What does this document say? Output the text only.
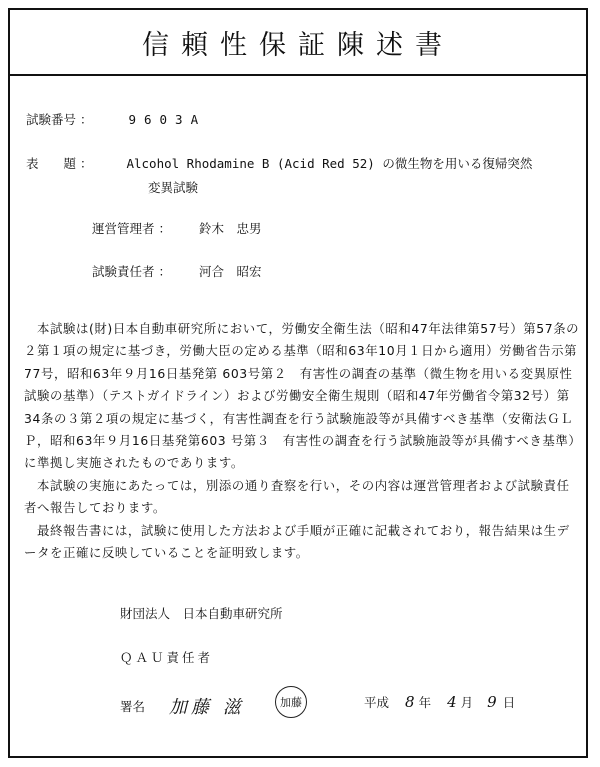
信頼性保証陳述書
試験番号 ：	9603A
表　　題 ：	Alcohol Rhodamine B (Acid Red 52) の微生物を用いる復帰突然
変異試験
運営管理者 ： 鈴木　忠男
試験責任者 ： 河合　昭宏

本試験は(財)日本自動車研究所において，労働安全衛生法（昭和47年法律第57号）第57条の２第１項の規定に基づき，労働大臣の定める基準（昭和63年10月１日から適用）労働省告示第77号，昭和63年９月16日基発第 603号第２　有害性の調査の基準（微生物を用いる変異原性試験の基準）（テストガイドライン）および労働安全衛生規則（昭和47年労働省令第32号）第34条の３第２項の規定に基づく，有害性調査を行う試験施設等が具備すべき基準（安衛法ＧＬＰ，昭和63年９月16日基発第603 号第３　有害性の調査を行う試験施設等が具備すべき基準）に準拠し実施されたものであります。

本試験の実施にあたっては，別添の通り査察を行い，その内容は運営管理者および試験責任者へ報告しております。

最終報告書には，試験に使用した方法および手順が正確に記載されており，報告結果は生データを正確に反映していることを証明致します。

財団法人　日本自動車研究所
ＱＡＵ責任者
署名 加藤 滋	加藤	平成 8 年 4 月 9 日
